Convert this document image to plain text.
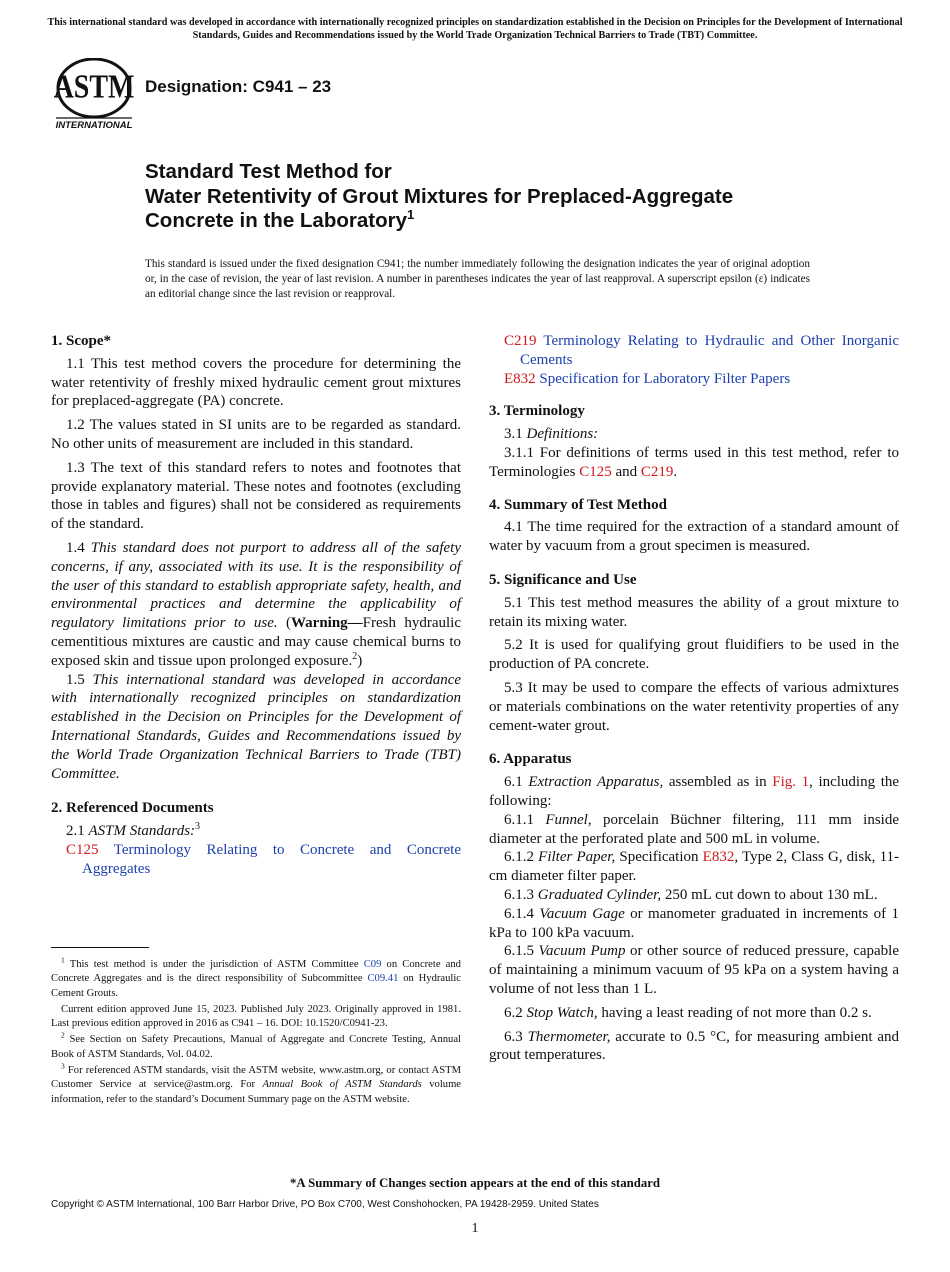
This international standard was developed in accordance with internationally recognized principles on standardization established in the Decision on Principles for the Development of International Standards, Guides and Recommendations issued by the World Trade Organization Technical Barriers to Trade (TBT) Committee.
ASTM
INTERNATIONAL
Designation: C941 – 23
Standard Test Method for
Water Retentivity of Grout Mixtures for Preplaced-Aggregate
Concrete in the Laboratory$^1$
This standard is issued under the fixed designation C941; the number immediately following the designation indicates the year of original adoption or, in the case of revision, the year of last revision. A number in parentheses indicates the year of last reapproval. A superscript epsilon (ε) indicates an editorial change since the last revision or reapproval.
1. Scope*

1.1 This test method covers the procedure for determining the water retentivity of freshly mixed hydraulic cement grout mixtures for preplaced-aggregate (PA) concrete.

1.2 The values stated in SI units are to be regarded as standard. No other units of measurement are included in this standard.

1.3 The text of this standard refers to notes and footnotes that provide explanatory material. These notes and footnotes (excluding those in tables and figures) shall not be considered as requirements of the standard.

1.4 This standard does not purport to address all of the safety concerns, if any, associated with its use. It is the responsibility of the user of this standard to establish appropriate safety, health, and environmental practices and determine the applicability of regulatory limitations prior to use. (Warning—Fresh hydraulic cementitious mixtures are caustic and may cause chemical burns to exposed skin and tissue upon prolonged exposure.$^2$)

1.5 This international standard was developed in accordance with internationally recognized principles on standardization established in the Decision on Principles for the Development of International Standards, Guides and Recommendations issued by the World Trade Organization Technical Barriers to Trade (TBT) Committee.

2. Referenced Documents

2.1 ASTM Standards:$^3$

C125 Terminology Relating to Concrete and Concrete Aggregates

$^1$ This test method is under the jurisdiction of ASTM Committee C09 on Concrete and Concrete Aggregates and is the direct responsibility of Subcommittee C09.41 on Hydraulic Cement Grouts.

Current edition approved June 15, 2023. Published July 2023. Originally approved in 1981. Last previous edition approved in 2016 as C941 – 16. DOI: 10.1520/C0941-23.

$^2$ See Section on Safety Precautions, Manual of Aggregate and Concrete Testing, Annual Book of ASTM Standards, Vol. 04.02.

$^3$ For referenced ASTM standards, visit the ASTM website, www.astm.org, or contact ASTM Customer Service at service@astm.org. For Annual Book of ASTM Standards volume information, refer to the standard’s Document Summary page on the ASTM website.

C219 Terminology Relating to Hydraulic and Other Inorganic Cements

E832 Specification for Laboratory Filter Papers

3. Terminology

3.1 Definitions:

3.1.1 For definitions of terms used in this test method, refer to Terminologies C125 and C219.

4. Summary of Test Method

4.1 The time required for the extraction of a standard amount of water by vacuum from a grout specimen is measured.

5. Significance and Use

5.1 This test method measures the ability of a grout mixture to retain its mixing water.

5.2 It is used for qualifying grout fluidifiers to be used in the production of PA concrete.

5.3 It may be used to compare the effects of various admixtures or materials combinations on the water retentivity properties of any cement-water grout.

6. Apparatus

6.1 Extraction Apparatus, assembled as in Fig. 1, including the following:

6.1.1 Funnel, porcelain Büchner filtering, 111 mm inside diameter at the perforated plate and 500 mL in volume.

6.1.2 Filter Paper, Specification E832, Type 2, Class G, disk, 11-cm diameter filter paper.

6.1.3 Graduated Cylinder, 250 mL cut down to about 130 mL.

6.1.4 Vacuum Gage or manometer graduated in increments of 1 kPa to 100 kPa vacuum.

6.1.5 Vacuum Pump or other source of reduced pressure, capable of maintaining a minimum vacuum of 95 kPa on a system having a volume of not less than 1 L.

6.2 Stop Watch, having a least reading of not more than 0.2 s.

6.3 Thermometer, accurate to 0.5 °C, for measuring ambient and grout temperatures.

*A Summary of Changes section appears at the end of this standard
Copyright © ASTM International, 100 Barr Harbor Drive, PO Box C700, West Conshohocken, PA 19428-2959. United States
1
